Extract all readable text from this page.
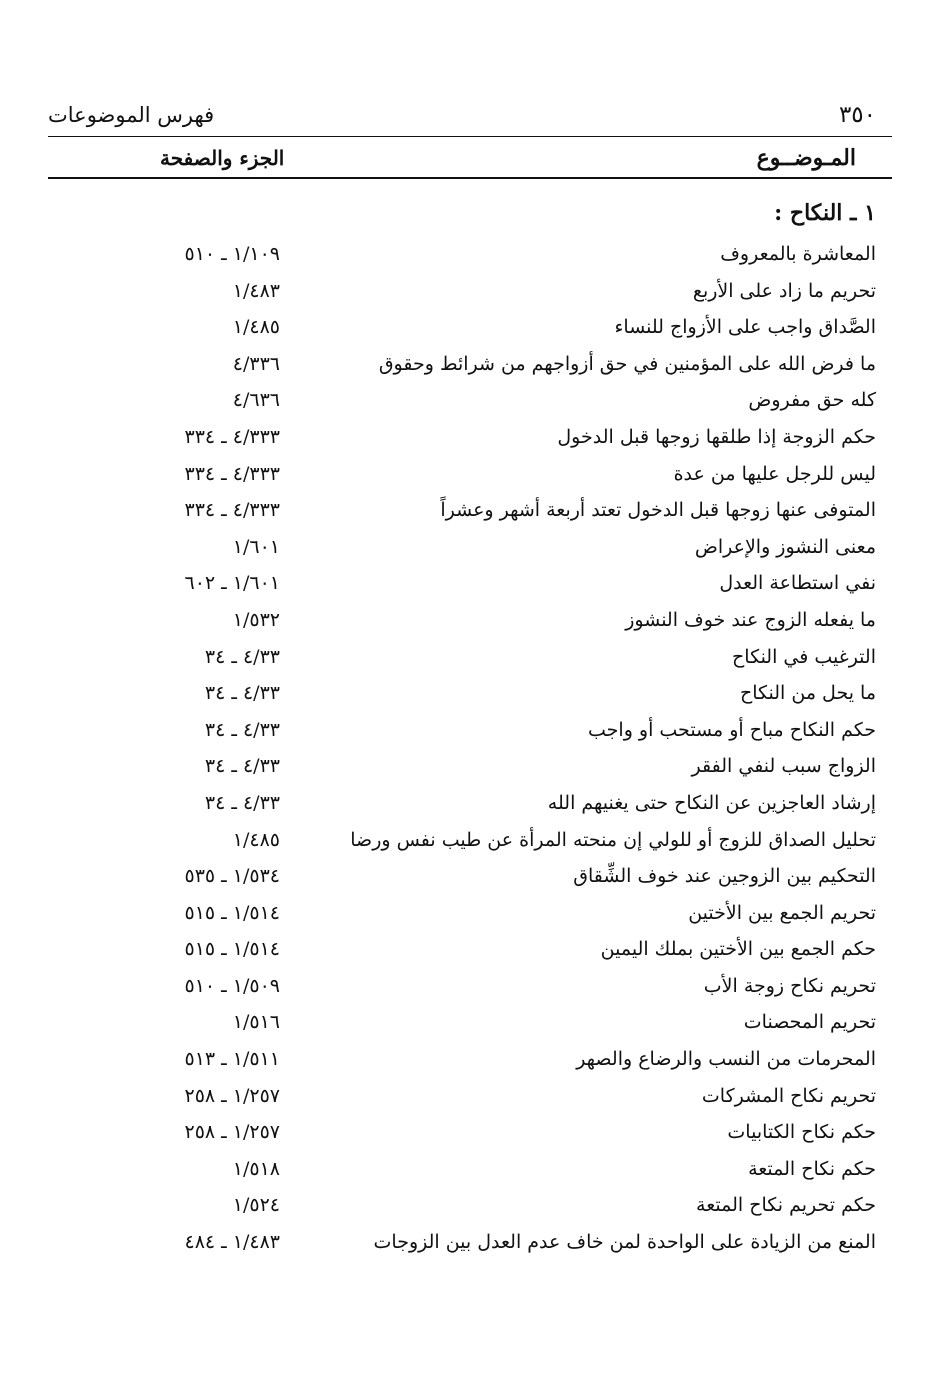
٣٥٠
فهرس الموضوعات
المـوضــوع
الجزء والصفحة
١ ـ النكاح :
المعاشرة بالمعروف
١/١٠٩ ـ ٥١٠
تحريم ما زاد على الأربع
١/٤٨٣
الصَّداق واجب على الأزواج للنساء
١/٤٨٥
ما فرض الله على المؤمنين في حق أزواجهم من شرائط وحقوق
٤/٣٣٦
كله حق مفروض
٤/٦٣٦
حكم الزوجة إذا طلقها زوجها قبل الدخول
٤/٣٣٣ ـ ٣٣٤
ليس للرجل عليها من عدة
٤/٣٣٣ ـ ٣٣٤
المتوفى عنها زوجها قبل الدخول تعتد أربعة أشهر وعشراً
٤/٣٣٣ ـ ٣٣٤
معنى النشوز والإعراض
١/٦٠١
نفي استطاعة العدل
١/٦٠١ ـ ٦٠٢
ما يفعله الزوج عند خوف النشوز
١/٥٣٢
الترغيب في النكاح
٤/٣٣ ـ ٣٤
ما يحل من النكاح
٤/٣٣ ـ ٣٤
حكم النكاح مباح أو مستحب أو واجب
٤/٣٣ ـ ٣٤
الزواج سبب لنفي الفقر
٤/٣٣ ـ ٣٤
إرشاد العاجزين عن النكاح حتى يغنيهم الله
٤/٣٣ ـ ٣٤
تحليل الصداق للزوج أو للولي إن منحته المرأة عن طيب نفس ورضا
١/٤٨٥
التحكيم بين الزوجين عند خوف الشِّقاق
١/٥٣٤ ـ ٥٣٥
تحريم الجمع بين الأختين
١/٥١٤ ـ ٥١٥
حكم الجمع بين الأختين بملك اليمين
١/٥١٤ ـ ٥١٥
تحريم نكاح زوجة الأب
١/٥٠٩ ـ ٥١٠
تحريم المحصنات
١/٥١٦
المحرمات من النسب والرضاع والصهر
١/٥١١ ـ ٥١٣
تحريم نكاح المشركات
١/٢٥٧ ـ ٢٥٨
حكم نكاح الكتابيات
١/٢٥٧ ـ ٢٥٨
حكم نكاح المتعة
١/٥١٨
حكم تحريم نكاح المتعة
١/٥٢٤
المنع من الزيادة على الواحدة لمن خاف عدم العدل بين الزوجات
١/٤٨٣ ـ ٤٨٤
